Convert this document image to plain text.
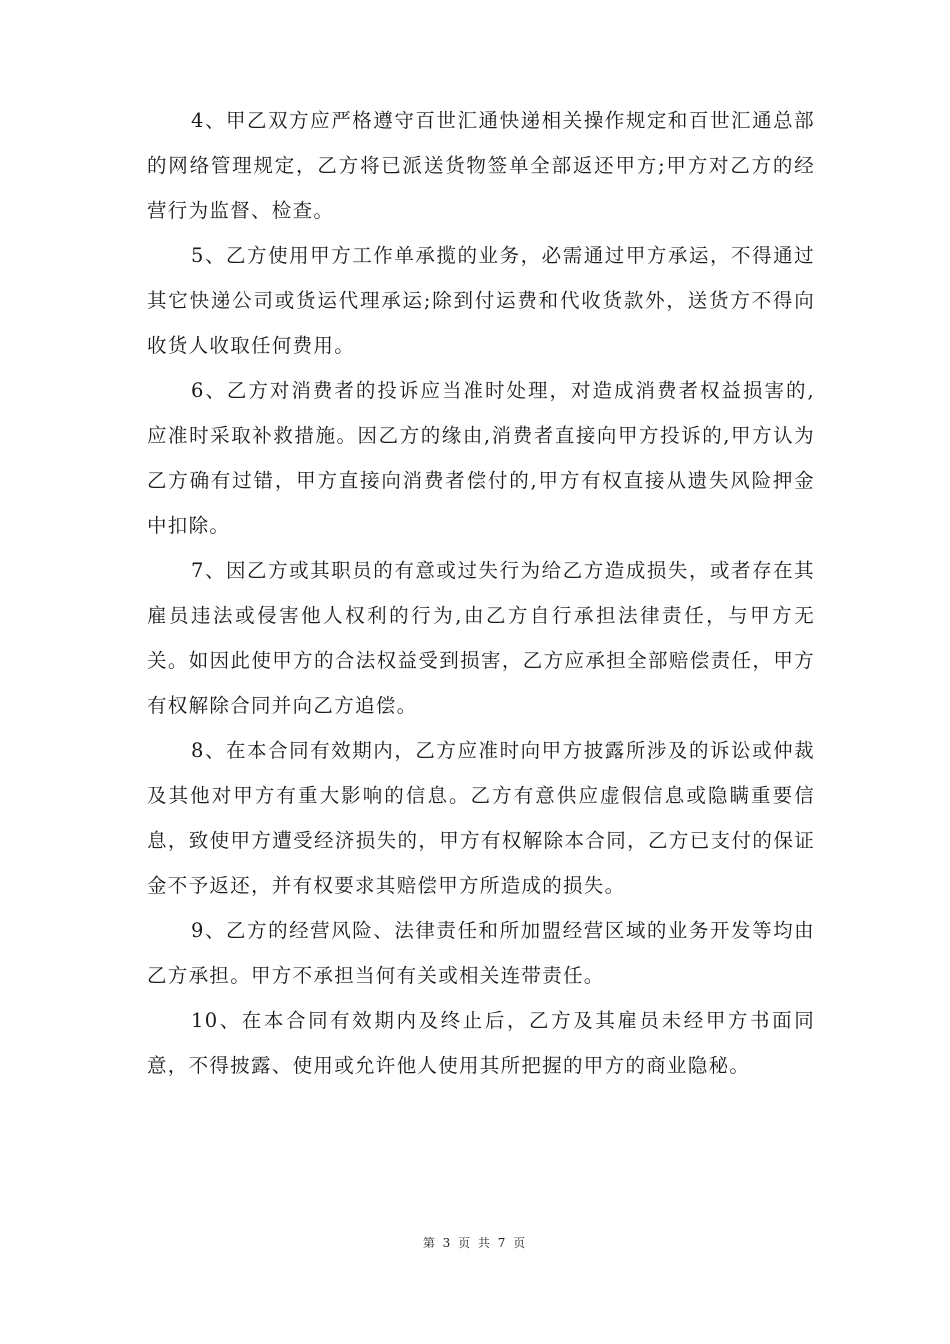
4、甲乙双方应严格遵守百世汇通快递相关操作规定和百世汇通总部的网络管理规定，乙方将已派送货物签单全部返还甲方;甲方对乙方的经营行为监督、检查。

5、乙方使用甲方工作单承揽的业务，必需通过甲方承运，不得通过其它快递公司或货运代理承运;除到付运费和代收货款外，送货方不得向收货人收取任何费用。

6、乙方对消费者的投诉应当准时处理，对造成消费者权益损害的,应准时采取补救措施。因乙方的缘由,消费者直接向甲方投诉的,甲方认为乙方确有过错，甲方直接向消费者偿付的,甲方有权直接从遗失风险押金中扣除。

7、因乙方或其职员的有意或过失行为给乙方造成损失，或者存在其雇员违法或侵害他人权利的行为,由乙方自行承担法律责任，与甲方无关。如因此使甲方的合法权益受到损害，乙方应承担全部赔偿责任，甲方有权解除合同并向乙方追偿。

8、在本合同有效期内，乙方应准时向甲方披露所涉及的诉讼或仲裁及其他对甲方有重大影响的信息。乙方有意供应虚假信息或隐瞒重要信息，致使甲方遭受经济损失的，甲方有权解除本合同，乙方已支付的保证金不予返还，并有权要求其赔偿甲方所造成的损失。

9、乙方的经营风险、法律责任和所加盟经营区域的业务开发等均由乙方承担。甲方不承担当何有关或相关连带责任。

10、在本合同有效期内及终止后，乙方及其雇员未经甲方书面同意，不得披露、使用或允许他人使用其所把握的甲方的商业隐秘。

第 3 页 共 7 页
